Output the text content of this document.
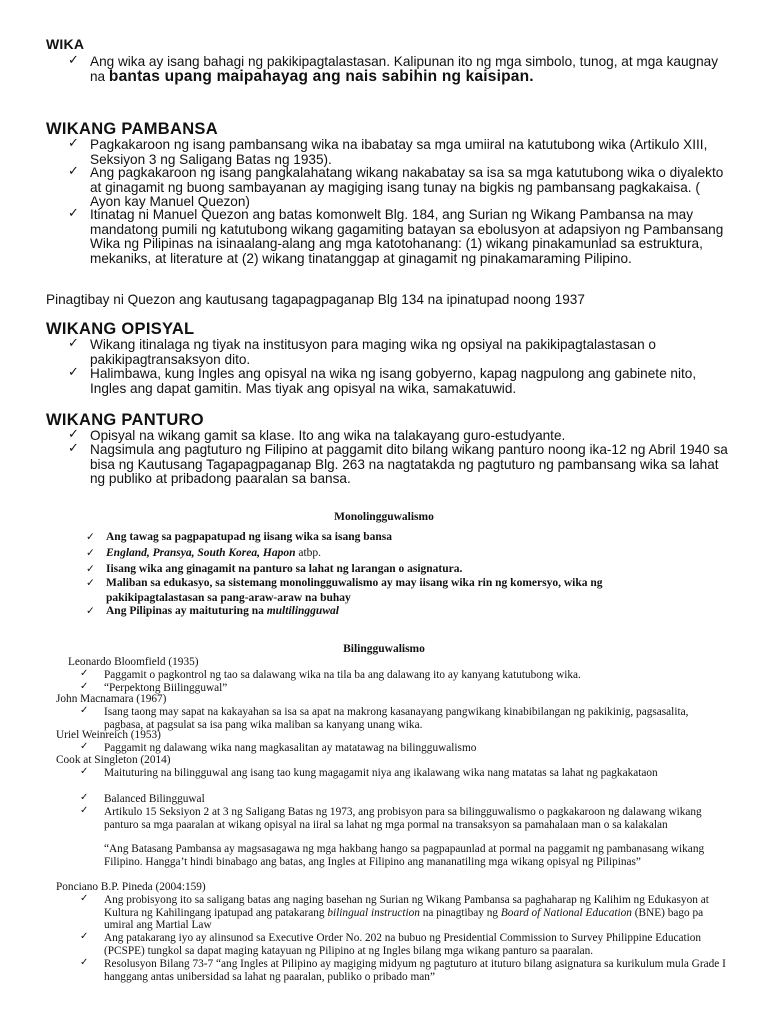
WIKA
✓ Ang wika ay isang bahagi ng pakikipagtalastasan. Kalipunan ito ng mga simbolo, tunog, at mga kaugnay na bantas upang maipahayag ang nais sabihin ng kaisipan.
WIKANG PAMBANSA
✓ Pagkakaroon ng isang pambansang wika na ibabatay sa mga umiiral na katutubong wika (Artikulo XIII, Seksiyon 3 ng Saligang Batas ng 1935).
✓ Ang pagkakaroon ng isang pangkalahatang wikang nakabatay sa isa sa mga katutubong wika o diyalekto at ginagamit ng buong sambayanan ay magiging isang tunay na bigkis ng pambansang pagkakaisa. ( Ayon kay Manuel Quezon)
✓ Itinatag ni Manuel Quezon ang batas komonwelt Blg. 184, ang Surian ng Wikang Pambansa na may mandatong pumili ng katutubong wikang gagamiting batayan sa ebolusyon at adapsiyon ng Pambansang Wika ng Pilipinas na isinaalang-alang ang mga katotohanang: (1) wikang pinakamunlad sa estruktura, mekaniks, at literature at (2) wikang tinatanggap at ginagamit ng pinakamaraming Pilipino.
Pinagtibay ni Quezon ang kautusang tagapagpaganap Blg 134 na ipinatupad noong 1937
WIKANG OPISYAL
✓ Wikang itinalaga ng tiyak na institusyon para maging wika ng opsiyal na pakikipagtalastasan o pakikipagtransaksyon dito.
✓ Halimbawa, kung Ingles ang opisyal na wika ng isang gobyerno, kapag nagpulong ang gabinete nito, Ingles ang dapat gamitin. Mas tiyak ang opisyal na wika, samakatuwid.
WIKANG PANTURO
✓ Opisyal na wikang gamit sa klase. Ito ang wika na talakayang guro-estudyante.
✓ Nagsimula ang pagtuturo ng Filipino at paggamit dito bilang wikang panturo noong ika-12 ng Abril 1940 sa bisa ng Kautusang Tagapagpaganap Blg. 263 na nagtatakda ng pagtuturo ng pambansang wika sa lahat ng publiko at pribadong paaralan sa bansa.
Monolingguwalismo
✓ Ang tawag sa pagpapatupad ng iisang wika sa isang bansa
✓ England, Pransya, South Korea, Hapon atbp.
✓ Iisang wika ang ginagamit na panturo sa lahat ng larangan o asignatura.
✓ Maliban sa edukasyo, sa sistemang monolingguwalismo ay may iisang wika rin ng komersyo, wika ng pakikipagtalastasan sa pang-araw-araw na buhay
✓ Ang Pilipinas ay maituturing na multilingguwal
Bilingguwalismo
Leonardo Bloomfield (1935)
✓ Paggamit o pagkontrol ng tao sa dalawang wika na tila ba ang dalawang ito ay kanyang katutubong wika.
✓ “Perpektong Biilingguwal”
John Macnamara (1967)
✓ Isang taong may sapat na kakayahan sa isa sa apat na makrong kasanayang pangwikang kinabibilangan ng pakikinig, pagsasalita, pagbasa, at pagsulat sa isa pang wika maliban sa kanyang unang wika.
Uriel Weinreich (1953)
✓ Paggamit ng dalawang wika nang magkasalitan ay matatawag na bilingguwalismo
Cook at Singleton (2014)
✓ Maituturing na bilingguwal ang isang tao kung magagamit niya ang ikalawang wika nang matatas sa lahat ng pagkakataon
✓ Balanced Bilingguwal
✓ Artikulo 15 Seksiyon 2 at 3 ng Saligang Batas ng 1973, ang probisyon para sa bilingguwalismo o pagkakaroon ng dalawang wikang panturo sa mga paaralan at wikang opisyal na iiral sa lahat ng mga pormal na transaksyon sa pamahalaan man o sa kalakalan
“Ang Batasang Pambansa ay magsasagawa ng mga hakbang hango sa pagpapaunlad at pormal na paggamit ng pambanasang wikang Filipino. Hangga’t hindi binabago ang batas, ang Ingles at Filipino ang mananatiling mga wikang opisyal ng Pilipinas”
Ponciano B.P. Pineda (2004:159)
✓ Ang probisyong ito sa saligang batas ang naging basehan ng Surian ng Wikang Pambansa sa paghaharap ng Kalihim ng Edukasyon at Kultura ng Kahilingang ipatupad ang patakarang bilingual instruction na pinagtibay ng Board of National Education (BNE) bago pa umiral ang Martial Law
✓ Ang patakarang iyo ay alinsunod sa Executive Order No. 202 na bubuo ng Presidential Commission to Survey Philippine Education (PCSPE) tungkol sa dapat maging katayuan ng Pilipino at ng Ingles bilang mga wikang panturo sa paaralan.
✓ Resolusyon Bilang 73-7 “ang Ingles at Pilipino ay magiging midyum ng pagtuturo at ituturo bilang asignatura sa kurikulum mula Grade I hanggang antas unibersidad sa lahat ng paaralan, publiko o pribado man”
